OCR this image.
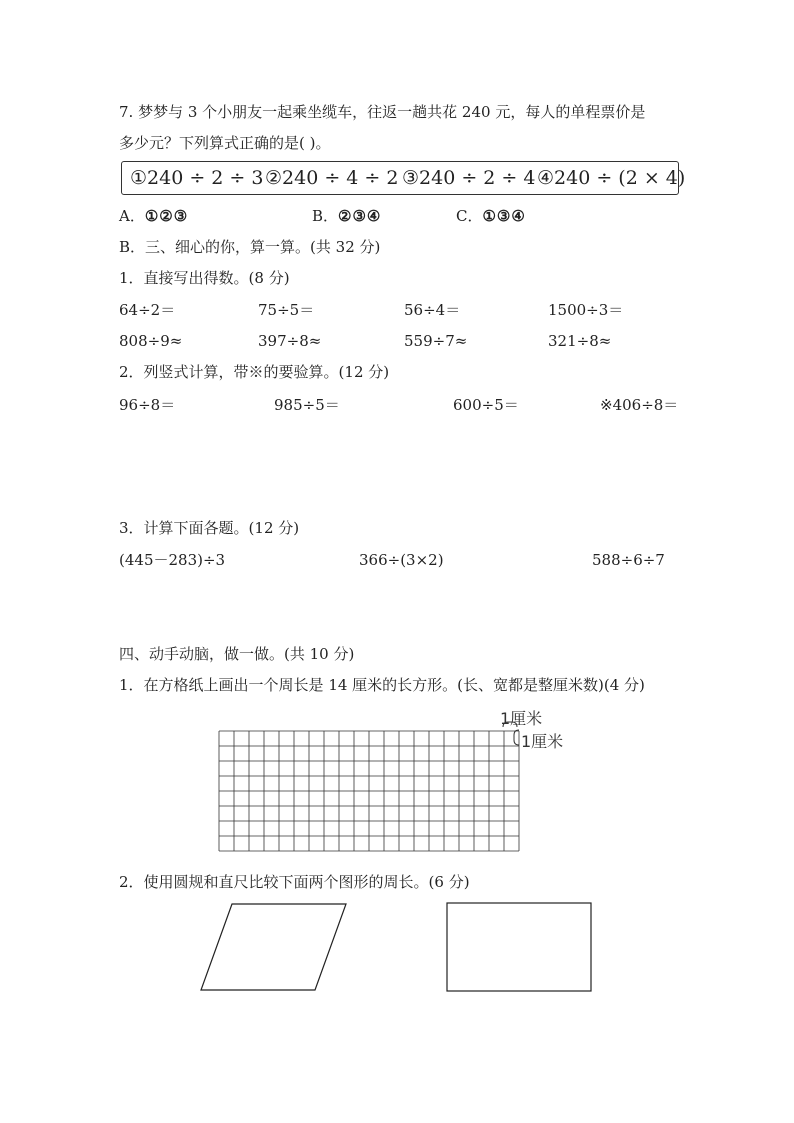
7. 梦梦与 3 个小朋友一起乘坐缆车，往返一趟共花 240 元，每人的单程票价是
多少元？下列算式正确的是( )。
①240 ÷ 2 ÷ 3 ②240 ÷ 4 ÷ 2 ③240 ÷ 2 ÷ 4 ④240 ÷ (2 × 4)
A．①②③	B．②③④	C．①③④
B．三、细心的你，算一算。(共 32 分)
1．直接写出得数。(8 分)
64÷2＝	75÷5＝	56÷4＝	1500÷3＝
808÷9≈	397÷8≈	559÷7≈	321÷8≈
2．列竖式计算，带※的要验算。(12 分)
96÷8＝	985÷5＝	600÷5＝	※406÷8＝
3．计算下面各题。(12 分)
(445－283)÷3	366÷(3×2)	588÷6÷7
四、动手动脑，做一做。(共 10 分)
1．在方格纸上画出一个周长是 14 厘米的长方形。(长、宽都是整厘米数)(4 分)
1厘米
1厘米
2．使用圆规和直尺比较下面两个图形的周长。(6 分)
